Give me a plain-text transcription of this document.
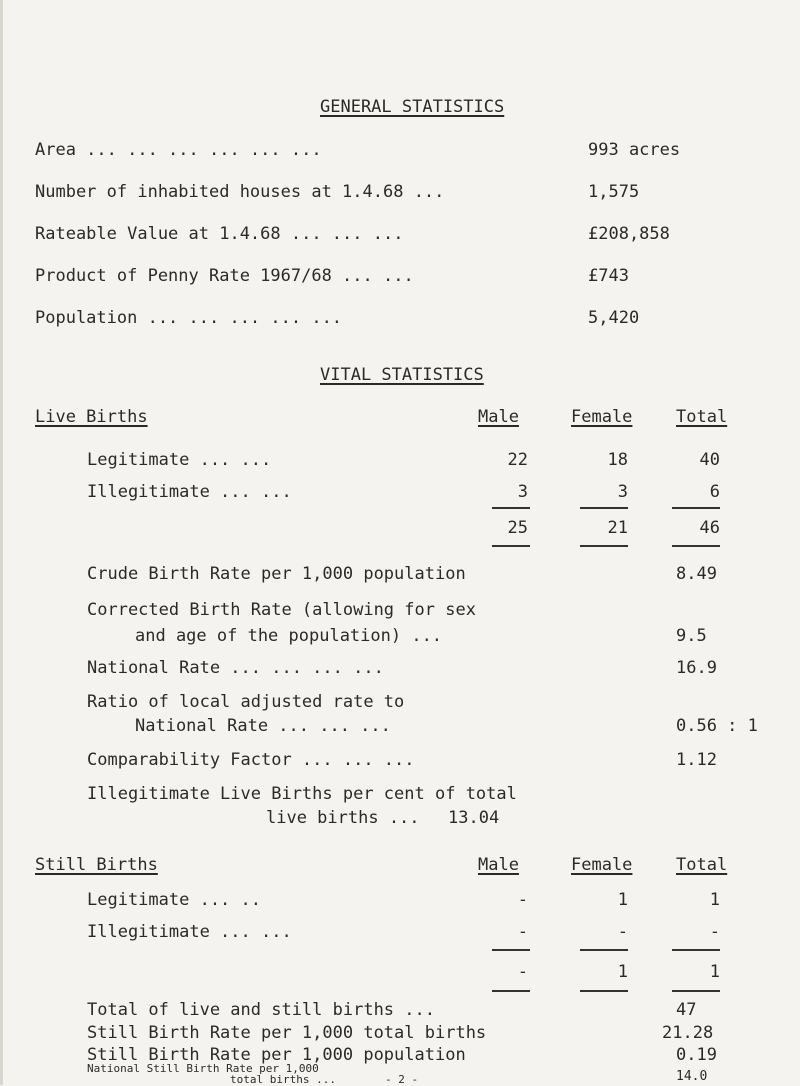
GENERAL STATISTICS
Area ... ... ... ... ... ...	993 acres
Number of inhabited houses at 1.4.68 ...	1,575
Rateable Value at 1.4.68 ... ... ...	£208,858
Product of Penny Rate 1967/68 ... ...	£743
Population ... ... ... ... ...	5,420
VITAL STATISTICS
Live Births	Male	Female	Total
Legitimate ... ...	22	18	40
Illegitimate ... ...	3	3	6
25	21	46
Crude Birth Rate per 1,000 population	8.49
Corrected Birth Rate (allowing for sex
and age of the population) ...	9.5
National Rate ... ... ... ...	16.9
Ratio of local adjusted rate to
National Rate ... ... ...	0.56 : 1
Comparability Factor ... ... ...	1.12
Illegitimate Live Births per cent of total
live births ... 13.04
Still Births	Male	Female	Total
Legitimate ... ..	-	1	1
Illegitimate ... ...	-	-	-
-	1	1
Total of live and still births ...	47
Still Birth Rate per 1,000 total births	21.28
Still Birth Rate per 1,000 population	0.19
National Still Birth Rate per 1,000
total births ...	14.0
- 2 -
